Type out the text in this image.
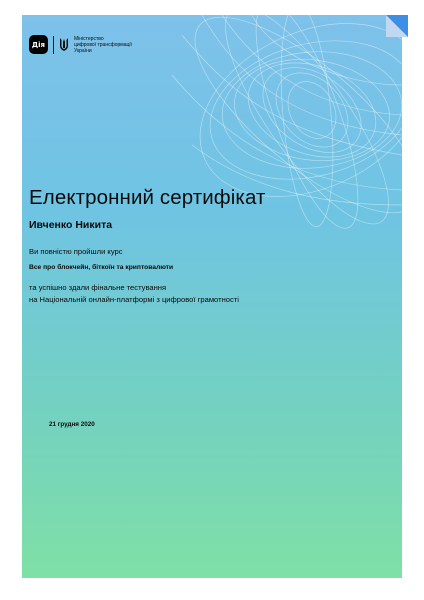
Дія
Міністерство
цифрової трансформації
України
Електронний сертифікат
Ивченко Никита
Ви повністю пройшли курс
Все про блокчейн, біткоїн та криптовалюти
та успішно здали фінальне тестування
на Національній онлайн-платформі з цифрової грамотності
21 грудня 2020
